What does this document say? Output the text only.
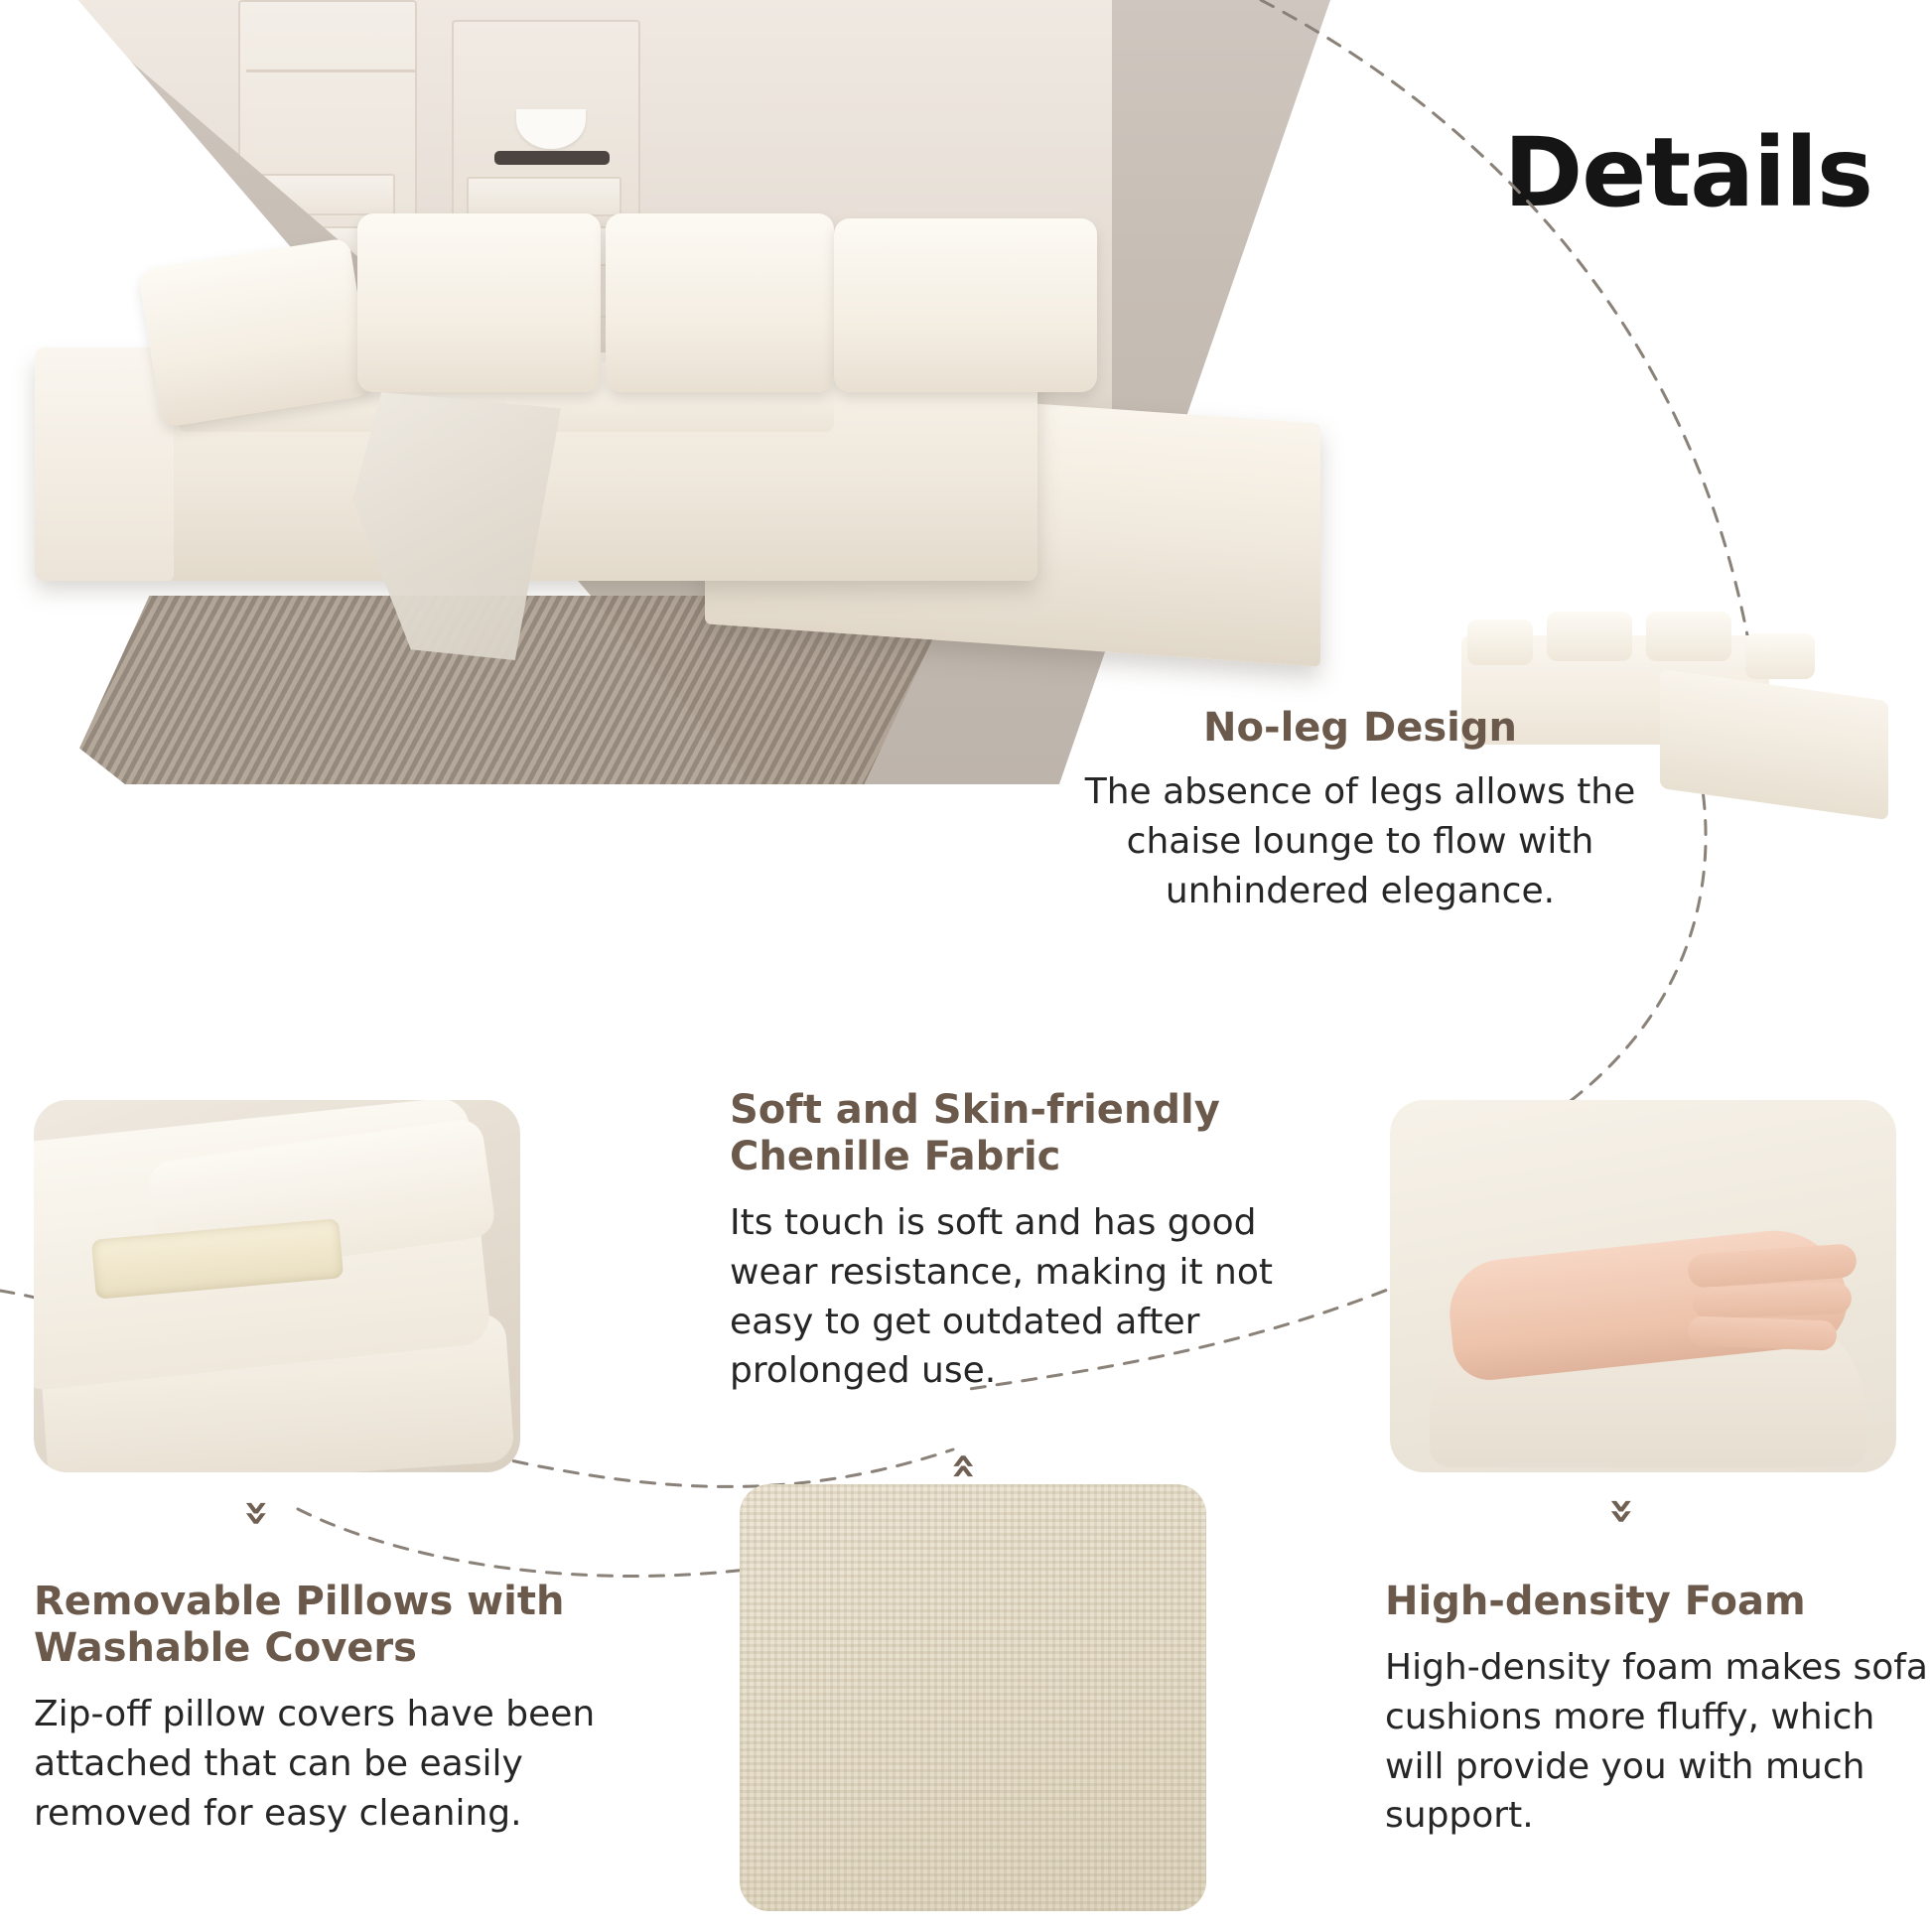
Details
No-leg Design
The absence of legs allows the chaise lounge to flow with unhindered elegance.
Soft and Skin-friendly Chenille Fabric
Its touch is soft and has good wear resistance, making it not easy to get outdated after prolonged use.
»
»
»
Removable Pillows with Washable Covers
Zip-off pillow covers have been attached that can be easily removed for easy cleaning.
High-density Foam
High-density foam makes sofa cushions more fluffy, which will provide you with much support.
